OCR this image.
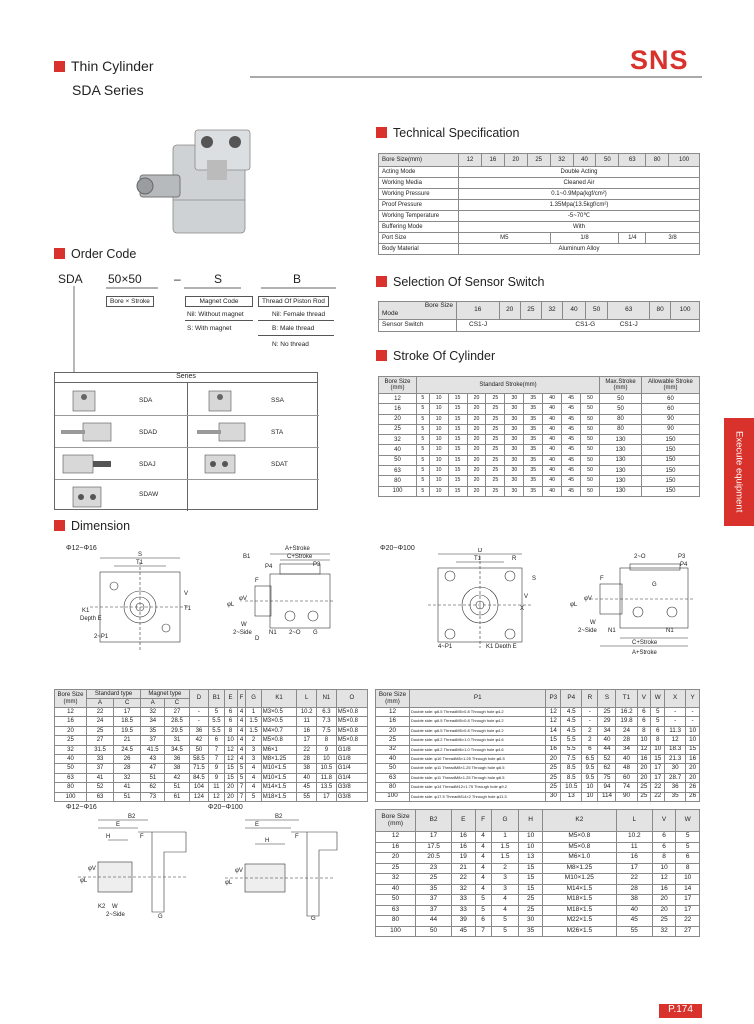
Thin Cylinder
SDA Series
SNS
Technical Specification
Bore Size(mm)	12	16	20	25	32	40	50	63	80	100
Acting Mode	Double Acting									
Working Media	Cleaned Air									
Working Pressure	0.1~0.9Mpa(kgf/cm²)									
Proof Pressure	1.35Mpa(13.5kgf/cm²)									
Working Temperature	-5~70℃									
Buffering Mode	With									
Port Size	M5				1/8			1/4	3/8	
Body Material	Aluminum Alloy									
Order Code
SDA 50×50	–	S	B
Bore × Stroke	Magnet Code	Thread Of Piston Rod
Nil: Without magnet
S: With magnet
Nil: Female thread
B: Male thread
N: No thread
Series
SDA	SSA
SDAD	STA
SDAJ	SDAT
SDAW
Selection Of Sensor Switch
Bore Size
Mode	16	20	25	32	40	50	63	80	100
Sensor Switch	CS1-J				CS1-G		CS1-J		
Stroke Of Cylinder
Bore Size (mm)	Standard Stroke(mm)										Max.Stroke (mm)	Allowable Stroke (mm)
12	5	10	15	20	25	30	35	40	45	50	50	60
16	5	10	15	20	25	30	35	40	45	50	50	60
20	5	10	15	20	25	30	35	40	45	50	80	90
25	5	10	15	20	25	30	35	40	45	50	80	90
32	5	10	15	20	25	30	35	40	45	50	130	150
40	5	10	15	20	25	30	35	40	45	50	130	150
50	5	10	15	20	25	30	35	40	45	50	130	150
63	5	10	15	20	25	30	35	40	45	50	130	150
80	5	10	15	20	25	30	35	40	45	50	130	150
100	5	10	15	20	25	30	35	40	45	50	130	150	Execute equipment
Dimension
Φ12~Φ16	Φ20~Φ100
S
T1
V
T1
K1
Depth E
2~P1
A+Stroke
C+Stroke
B1
P3
P4
W
2~Side
D
N1 2~O
φL
φV
F
G
D
T1	R
S
V
X
4~P1	K1 Depth E
2~O	P3
P4
φL
φV
W
2~Side N1	N1
C+Stroke
A+Stroke
F
G
Bore Size (mm)	Standard type		Magnet type		D	B1	E	F	G	K1	L	N1	O
	A	C	A	C									
12	22	17	32	27	-	5	6	4	1	M3×0.5	10.2	6.3	M5×0.8
16	24	18.5	34	28.5	-	5.5	6	4	1.5	M3×0.5	11	7.3	M5×0.8
20	25	19.5	35	29.5	36	5.5	8	4	1.5	M4×0.7	16	7.5	M5×0.8
25	27	21	37	31	42	6	10	4	2	M5×0.8	17	8	M5×0.8
32	31.5	24.5	41.5	34.5	50	7	12	4	3	M6×1	22	9	G1/8
40	33	26	43	36	58.5	7	12	4	3	M8×1.25	28	10	G1/8
50	37	28	47	38	71.5	9	15	5	4	M10×1.5	38	10.5	G1/4
63	41	32	51	42	84.5	9	15	5	4	M10×1.5	40	11.8	G1/4
80	52	41	62	51	104	11	20	7	4	M14×1.5	45	13.5	G3/8
100	63	51	73	61	124	12	20	7	5	M18×1.5	55	17	G3/8
Bore Size (mm)	P1	P3	P4	R	S	T1	V	W	X	Y
12	Double side: φ6.5 ThreadM5×0.8 Through hole φ4.2	12	4.5	-	25	16.2	6	5	-	-
16	Double side: φ6.5 ThreadM5×0.8 Through hole φ4.2	12	4.5	-	29	19.8	6	5	-	-
20	Double side: φ6.5 ThreadM5×0.8 Through hole φ4.2	14	4.5	2	34	24	8	6	11.3	10
25	Double side: φ8.2 ThreadM6×1.0 Through hole φ4.6	15	5.5	2	40	28	10	8	12	10
32	Double side: φ8.2 ThreadM6×1.0 Through hole φ4.6	16	5.5	6	44	34	12	10	18.3	15
40	Double side: φ10 ThreadM8×1.25 Through hole φ6.5	20	7.5	6.5	52	40	16	15	21.3	16
50	Double side: φ11 ThreadM8×1.25 Through hole φ6.5	25	8.5	9.5	62	48	20	17	30	20
63	Double side: φ11 ThreadM8×1.25 Through hole φ6.5	25	8.5	9.5	75	60	20	17	28.7	20
80	Double side: φ14 ThreadM12×1.75 Through hole φ9.2	25	10.5	10	94	74	25	22	36	26
100	Double side: φ17.5 ThreadM14×2 Through hole φ11.3	30	13	10	114	90	25	22	35	26
Φ12~Φ16	Φ20~Φ100
B2
E
H	F
φL
φV
K2 W
2~Side	G
B2
E
F
H
φL
φV
G
Bore Size (mm)	B2	E	F	G	H	K2	L	V	W
12	17	16	4	1	10	M5×0.8	10.2	6	5
16	17.5	16	4	1.5	10	M5×0.8	11	6	5
20	20.5	19	4	1.5	13	M6×1.0	16	8	6
25	23	21	4	2	15	M8×1.25	17	10	8
32	25	22	4	3	15	M10×1.25	22	12	10
40	35	32	4	3	15	M14×1.5	28	16	14
50	37	33	5	4	25	M18×1.5	38	20	17
63	37	33	5	4	25	M18×1.5	40	20	17
80	44	39	6	5	30	M22×1.5	45	25	22
100	50	45	7	5	35	M26×1.5	55	32	27
P.174
